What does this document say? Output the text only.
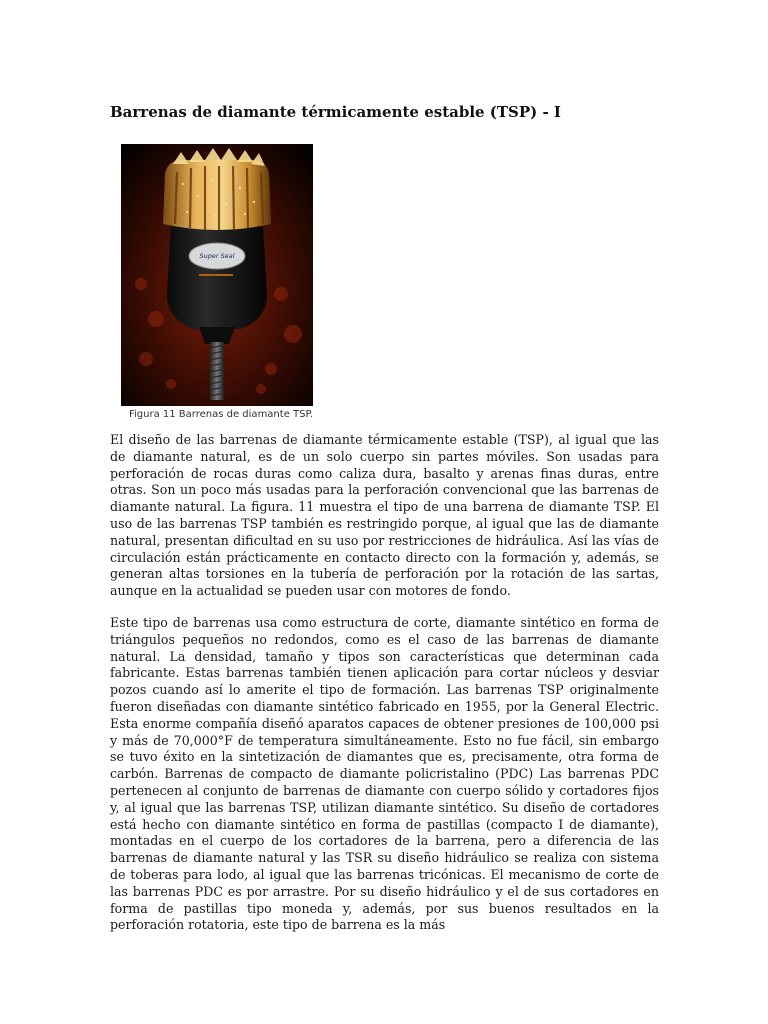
Barrenas de diamante térmicamente estable (TSP) - I
Super Seal
Figura 11 Barrenas de diamante TSP.

El diseño de las barrenas de diamante térmicamente estable (TSP), al igual que las de diamante natural, es de un solo cuerpo sin partes móviles. Son usadas para perforación de rocas duras como caliza dura, basalto y arenas finas duras, entre otras. Son un poco más usadas para la perforación convencional que las barrenas de diamante natural. La figura. 11 muestra el tipo de una barrena de diamante TSP. El uso de las barrenas TSP también es restringido porque, al igual que las de diamante natural, presentan dificultad en su uso por restricciones de hidráulica. Así las vías de circulación están prácticamente en contacto directo con la formación y, además, se generan altas torsiones en la tubería de perforación por la rotación de las sartas, aunque en la actualidad se pueden usar con motores de fondo.

Este tipo de barrenas usa como estructura de corte, diamante sintético en forma de triángulos pequeños no redondos, como es el caso de las barrenas de diamante natural. La densidad, tamaño y tipos son características que determinan cada fabricante. Estas barrenas también tienen aplicación para cortar núcleos y desviar pozos cuando así lo amerite el tipo de formación. Las barrenas TSP originalmente fueron diseñadas con diamante sintético fabricado en 1955, por la General Electric. Esta enorme compañía diseñó aparatos capaces de obtener presiones de 100,000 psi y más de 70,000°F de temperatura simultáneamente. Esto no fue fácil, sin embargo se tuvo éxito en la sintetización de diamantes que es, precisamente, otra forma de carbón. Barrenas de compacto de diamante policristalino (PDC) Las barrenas PDC pertenecen al conjunto de barrenas de diamante con cuerpo sólido y cortadores fijos y, al igual que las barrenas TSP, utilizan diamante sintético. Su diseño de cortadores está hecho con diamante sintético en forma de pastillas (compacto I de diamante), montadas en el cuerpo de los cortadores de la barrena, pero a diferencia de las barrenas de diamante natural y las TSR su diseño hidráulico se realiza con sistema de toberas para lodo, al igual que las barrenas tricónicas. El mecanismo de corte de las barrenas PDC es por arrastre. Por su diseño hidráulico y el de sus cortadores en forma de pastillas tipo moneda y, además, por sus buenos resultados en la perforación rotatoria, este tipo de barrena es la más
